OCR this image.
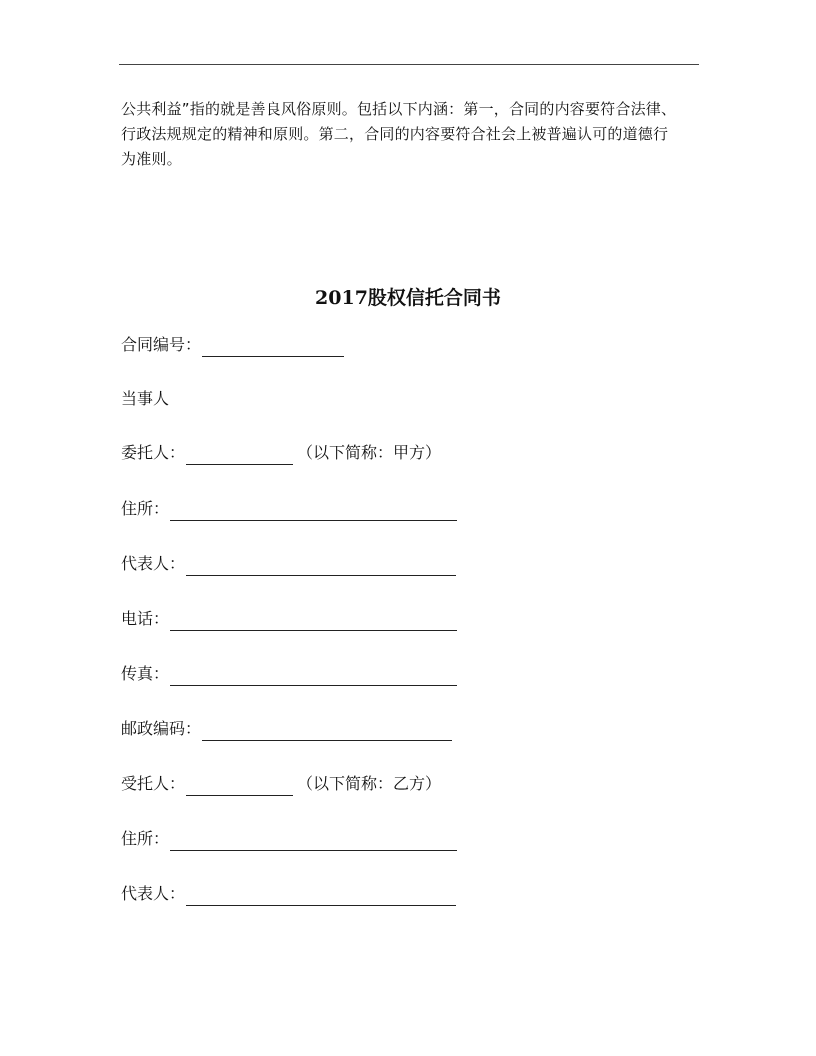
公共利益”指的就是善良风俗原则。包括以下内涵：第一，合同的内容要符合法律、

行政法规规定的精神和原则。第二，合同的内容要符合社会上被普遍认可的道德行

为准则。

2017股权信托合同书
合同编号：
当事人
委托人：	（以下简称：甲方）
住所：
代表人：
电话：
传真：
邮政编码：
受托人：	（以下简称：乙方）
住所：
代表人：
